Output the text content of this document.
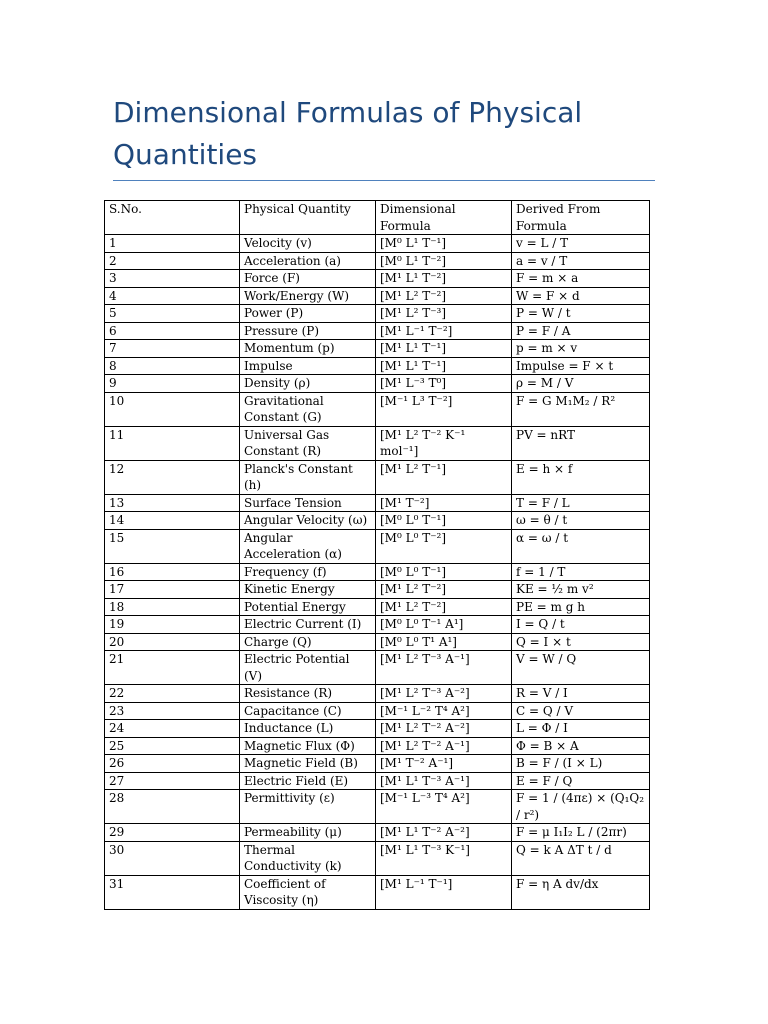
Dimensional Formulas of Physical Quantities
S.No.	Physical Quantity	Dimensional Formula	Derived From Formula
1	Velocity (v)	[M⁰ L¹ T⁻¹]	v = L / T
2	Acceleration (a)	[M⁰ L¹ T⁻²]	a = v / T
3	Force (F)	[M¹ L¹ T⁻²]	F = m × a
4	Work/Energy (W)	[M¹ L² T⁻²]	W = F × d
5	Power (P)	[M¹ L² T⁻³]	P = W / t
6	Pressure (P)	[M¹ L⁻¹ T⁻²]	P = F / A
7	Momentum (p)	[M¹ L¹ T⁻¹]	p = m × v
8	Impulse	[M¹ L¹ T⁻¹]	Impulse = F × t
9	Density (ρ)	[M¹ L⁻³ T⁰]	ρ = M / V
10	Gravitational Constant (G)	[M⁻¹ L³ T⁻²]	F = G M₁M₂ / R²
11	Universal Gas Constant (R)	[M¹ L² T⁻² K⁻¹ mol⁻¹]	PV = nRT
12	Planck's Constant (h)	[M¹ L² T⁻¹]	E = h × f
13	Surface Tension	[M¹ T⁻²]	T = F / L
14	Angular Velocity (ω)	[M⁰ L⁰ T⁻¹]	ω = θ / t
15	Angular Acceleration (α)	[M⁰ L⁰ T⁻²]	α = ω / t
16	Frequency (f)	[M⁰ L⁰ T⁻¹]	f = 1 / T
17	Kinetic Energy	[M¹ L² T⁻²]	KE = ½ m v²
18	Potential Energy	[M¹ L² T⁻²]	PE = m g h
19	Electric Current (I)	[M⁰ L⁰ T⁻¹ A¹]	I = Q / t
20	Charge (Q)	[M⁰ L⁰ T¹ A¹]	Q = I × t
21	Electric Potential (V)	[M¹ L² T⁻³ A⁻¹]	V = W / Q
22	Resistance (R)	[M¹ L² T⁻³ A⁻²]	R = V / I
23	Capacitance (C)	[M⁻¹ L⁻² T⁴ A²]	C = Q / V
24	Inductance (L)	[M¹ L² T⁻² A⁻²]	L = Φ / I
25	Magnetic Flux (Φ)	[M¹ L² T⁻² A⁻¹]	Φ = B × A
26	Magnetic Field (B)	[M¹ T⁻² A⁻¹]	B = F / (I × L)
27	Electric Field (E)	[M¹ L¹ T⁻³ A⁻¹]	E = F / Q
28	Permittivity (ε)	[M⁻¹ L⁻³ T⁴ A²]	F = 1 / (4πε) × (Q₁Q₂ / r²)
29	Permeability (μ)	[M¹ L¹ T⁻² A⁻²]	F = μ I₁I₂ L / (2πr)
30	Thermal Conductivity (k)	[M¹ L¹ T⁻³ K⁻¹]	Q = k A ΔT t / d
31	Coefficient of Viscosity (η)	[M¹ L⁻¹ T⁻¹]	F = η A dv/dx
